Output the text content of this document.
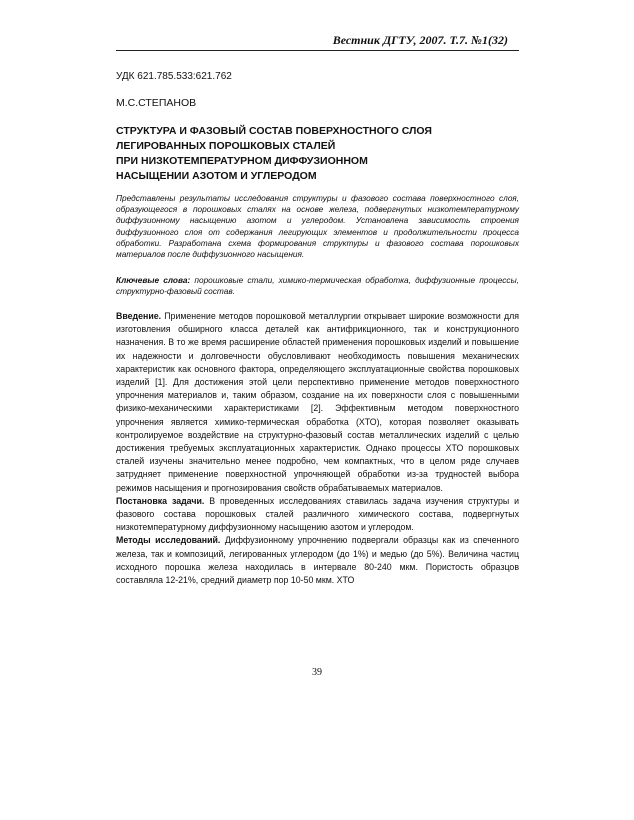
Вестник ДГТУ, 2007. Т.7. №1(32)
УДК 621.785.533:621.762
М.С.СТЕПАНОВ
СТРУКТУРА И ФАЗОВЫЙ СОСТАВ ПОВЕРХНОСТНОГО СЛОЯ
ЛЕГИРОВАННЫХ ПОРОШКОВЫХ СТАЛЕЙ
ПРИ НИЗКОТЕМПЕРАТУРНОМ ДИФФУЗИОННОМ
НАСЫЩЕНИИ АЗОТОМ И УГЛЕРОДОМ

Представлены результаты исследования структуры и фазового состава поверхностного слоя, образующегося в порошковых сталях на основе железа, подвергнутых низкотемпературному диффузионному насыщению азотом и углеродом. Установлена зависимость строения диффузионного слоя от содержания легирующих элементов и продолжительности процесса обработки. Разработана схема формирования структуры и фазового состава порошковых материалов после диффузионного насыщения.

Ключевые слова: порошковые стали, химико-термическая обработка, диффузионные процессы, структурно-фазовый состав.

Введение. Применение методов порошковой металлургии открывает широкие возможности для изготовления обширного класса деталей как антифрикционного, так и конструкционного назначения. В то же время расширение областей применения порошковых изделий и повышение их надежности и долговечности обусловливают необходимость повышения механических характеристик как основного фактора, определяющего эксплуатационные свойства порошковых изделий [1]. Для достижения этой цели перспективно применение методов поверхностного упрочнения материалов и, таким образом, создание на их поверхности слоя с повышенными физико-механическими характеристиками [2]. Эффективным методом поверхностного упрочнения является химико-термическая обработка (ХТО), которая позволяет оказывать контролируемое воздействие на структурно-фазовый состав металлических изделий с целью достижения требуемых эксплуатационных характеристик. Однако процессы ХТО порошковых сталей изучены значительно менее подробно, чем компактных, что в целом ряде случаев затрудняет применение поверхностной упрочняющей обработки из-за трудностей выбора режимов насыщения и прогнозирования свойств обрабатываемых материалов.

Постановка задачи. В проведенных исследованиях ставилась задача изучения структуры и фазового состава порошковых сталей различного химического состава, подвергнутых низкотемпературному диффузионному насыщению азотом и углеродом.

Методы исследований. Диффузионному упрочнению подвергали образцы как из спеченного железа, так и композиций, легированных углеродом (до 1%) и медью (до 5%). Величина частиц исходного порошка железа находилась в интервале 80-240 мкм. Пористость образцов составляла 12-21%, средний диаметр пор 10-50 мкм. ХТО

39
